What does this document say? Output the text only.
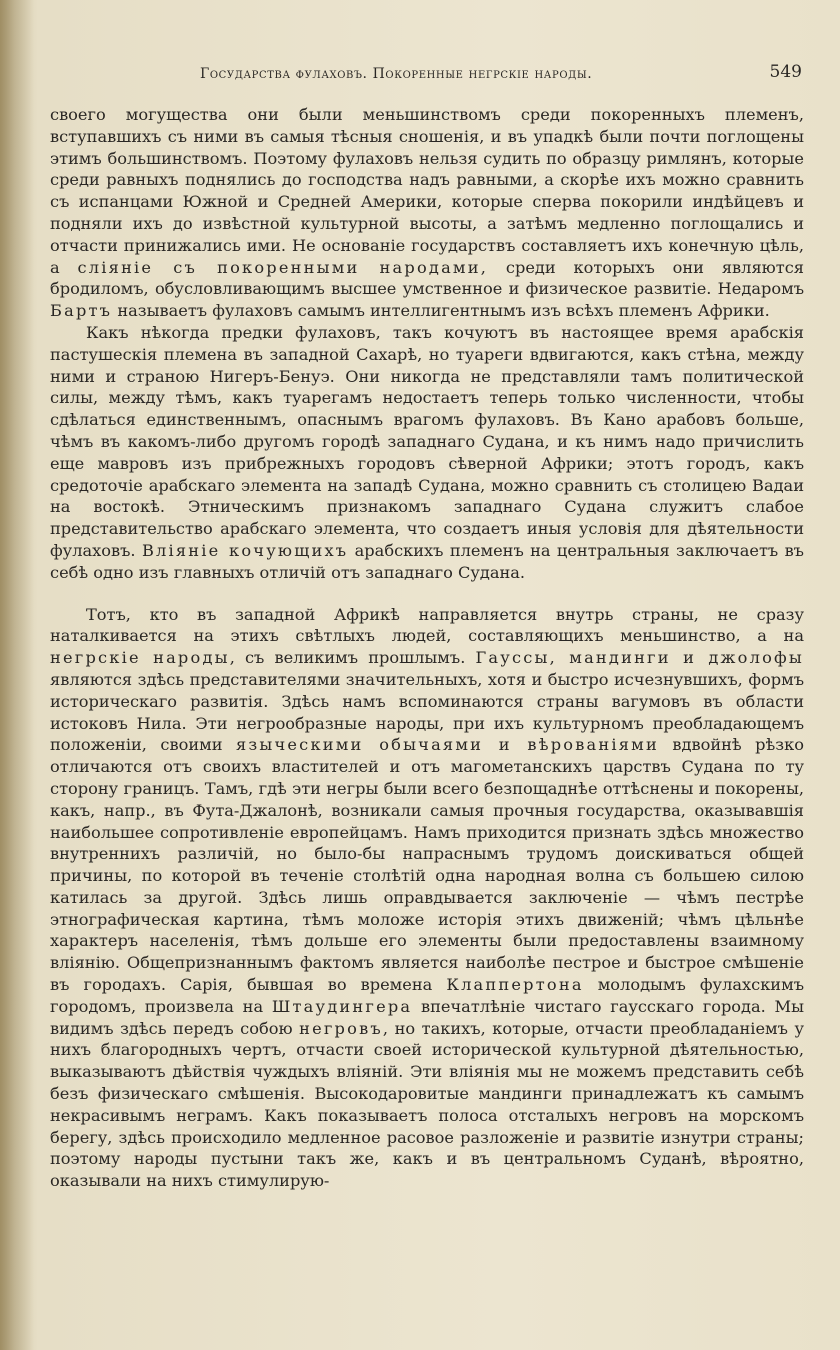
Государства фулаховъ. Покоренные негрскіе народы.	549

своего могущества они были меньшинствомъ среди покоренныхъ племенъ, вступавшихъ съ ними въ самыя тѣсныя сношенія, и въ упадкѣ были почти поглощены этимъ большинствомъ. Поэтому фулаховъ нельзя судить по образцу римлянъ, которые среди равныхъ поднялись до господства надъ равными, а скорѣе ихъ можно сравнить съ испанцами Южной и Средней Америки, которые сперва покорили индѣйцевъ и подняли ихъ до извѣстной культурной высоты, а затѣмъ медленно поглощались и отчасти принижались ими. Не основаніе государствъ составляетъ ихъ конечную цѣль, а сліяніе съ покоренными народами, среди которыхъ они являются бродиломъ, обусловливающимъ высшее умственное и физическое развитіе. Недаромъ Бартъ называетъ фулаховъ самымъ интеллигентнымъ изъ всѣхъ племенъ Африки.

Какъ нѣкогда предки фулаховъ, такъ кочуютъ въ настоящее время арабскія пастушескія племена въ западной Сахарѣ, но туареги вдвигаются, какъ стѣна, между ними и страною Нигеръ-Бенуэ. Они никогда не представляли тамъ политической силы, между тѣмъ, какъ туарегамъ недостаетъ теперь только численности, чтобы сдѣлаться единственнымъ, опаснымъ врагомъ фулаховъ. Въ Кано арабовъ больше, чѣмъ въ какомъ-либо другомъ городѣ западнаго Судана, и къ нимъ надо причислить еще мавровъ изъ прибрежныхъ городовъ сѣверной Африки; этотъ городъ, какъ средоточіе арабскаго элемента на западѣ Судана, можно сравнить съ столицею Вадаи на востокѣ. Этническимъ признакомъ западнаго Судана служитъ слабое представительство арабскаго элемента, что создаетъ иныя условія для дѣятельности фулаховъ. Вліяніе кочующихъ арабскихъ племенъ на центральныя заключаетъ въ себѣ одно изъ главныхъ отличій отъ западнаго Судана.

Тотъ, кто въ западной Африкѣ направляется внутрь страны, не сразу наталкивается на этихъ свѣтлыхъ людей, составляющихъ меньшинство, а на негрскіе народы, съ великимъ прошлымъ. Гауссы, мандинги и джолофы являются здѣсь представителями значительныхъ, хотя и быстро исчезнувшихъ, формъ историческаго развитія. Здѣсь намъ вспоминаются страны вагумовъ въ области истоковъ Нила. Эти негрообразные народы, при ихъ культурномъ преобладающемъ положеніи, своими языческими обычаями и вѣрованіями вдвойнѣ рѣзко отличаются отъ своихъ властителей и отъ магометанскихъ царствъ Судана по ту сторону границъ. Тамъ, гдѣ эти негры были всего безпощаднѣе оттѣснены и покорены, какъ, напр., въ Фута-Джалонѣ, возникали самыя прочныя государства, оказывавшія наибольшее сопротивленіе европейцамъ. Намъ приходится признать здѣсь множество внутреннихъ различій, но было-бы напраснымъ трудомъ доискиваться общей причины, по которой въ теченіе столѣтій одна народная волна съ большею силою катилась за другой. Здѣсь лишь оправдывается заключеніе — чѣмъ пестрѣе этнографическая картина, тѣмъ моложе исторія этихъ движеній; чѣмъ цѣльнѣе характеръ населенія, тѣмъ дольше его элементы были предоставлены взаимному вліянію. Общепризнаннымъ фактомъ является наиболѣе пестрое и быстрое смѣшеніе въ городахъ. Сарія, бывшая во времена Клаппертона молодымъ фулахскимъ городомъ, произвела на Штаудингера впечатлѣніе чистаго гаусскаго города. Мы видимъ здѣсь передъ собою негровъ, но такихъ, которые, отчасти преобладаніемъ у нихъ благородныхъ чертъ, отчасти своей исторической культурной дѣятельностью, выказываютъ дѣйствія чуждыхъ вліяній. Эти вліянія мы не можемъ представить себѣ безъ физическаго смѣшенія. Высокодаровитые мандинги принадлежатъ къ самымъ некрасивымъ неграмъ. Какъ показываетъ полоса отсталыхъ негровъ на морскомъ берегу, здѣсь происходило медленное расовое разложеніе и развитіе изнутри страны; поэтому народы пустыни такъ же, какъ и въ центральномъ Суданѣ, вѣроятно, оказывали на нихъ стимулирую-
